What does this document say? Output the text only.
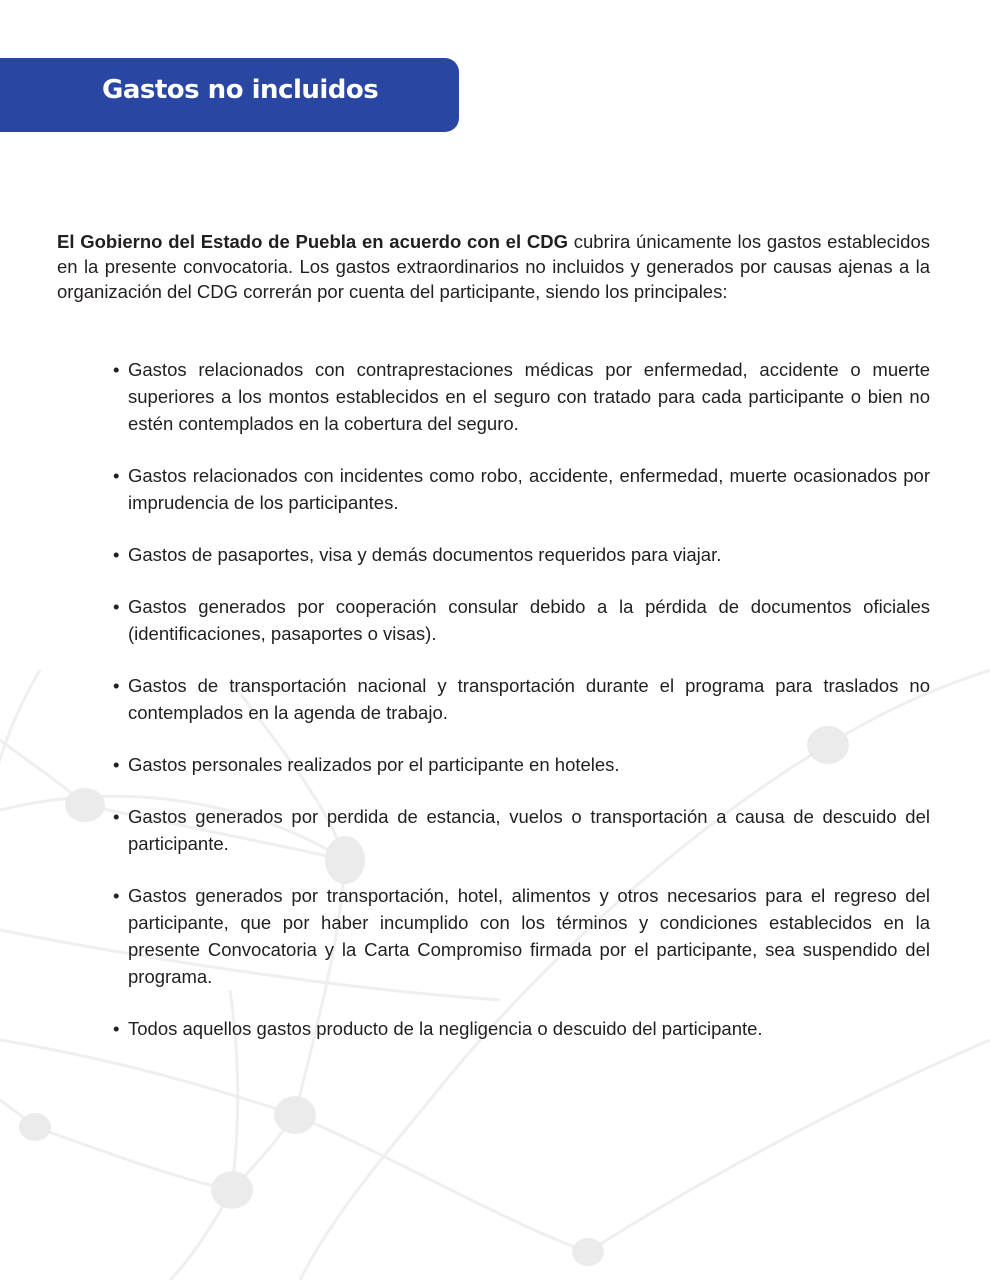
Gastos no incluidos

El Gobierno del Estado de Puebla en acuerdo con el CDG cubrira únicamente los gastos establecidos en la presente convocatoria. Los gastos extraordinarios no incluidos y generados por causas ajenas a la organización del CDG correrán por cuenta del participante, siendo los principales:

• Gastos relacionados con contraprestaciones médicas por enfermedad, accidente o muerte superiores a los montos establecidos en el seguro con tratado para cada participante o bien no estén contemplados en la cobertura del seguro.
• Gastos relacionados con incidentes como robo, accidente, enfermedad, muerte ocasionados por imprudencia de los participantes.
• Gastos de pasaportes, visa y demás documentos requeridos para viajar.
• Gastos generados por cooperación consular debido a la pérdida de documentos oficiales (identificaciones, pasaportes o visas).
• Gastos de transportación nacional y transportación durante el programa para traslados no contemplados en la agenda de trabajo.
• Gastos personales realizados por el participante en hoteles.
• Gastos generados por perdida de estancia, vuelos o transportación a causa de descuido del participante.
• Gastos generados por transportación, hotel, alimentos y otros necesarios para el regreso del participante, que por haber incumplido con los términos y condiciones establecidos en la presente Convocatoria y la Carta Compromiso firmada por el participante, sea suspendido del programa.
• Todos aquellos gastos producto de la negligencia o descuido del participante.
